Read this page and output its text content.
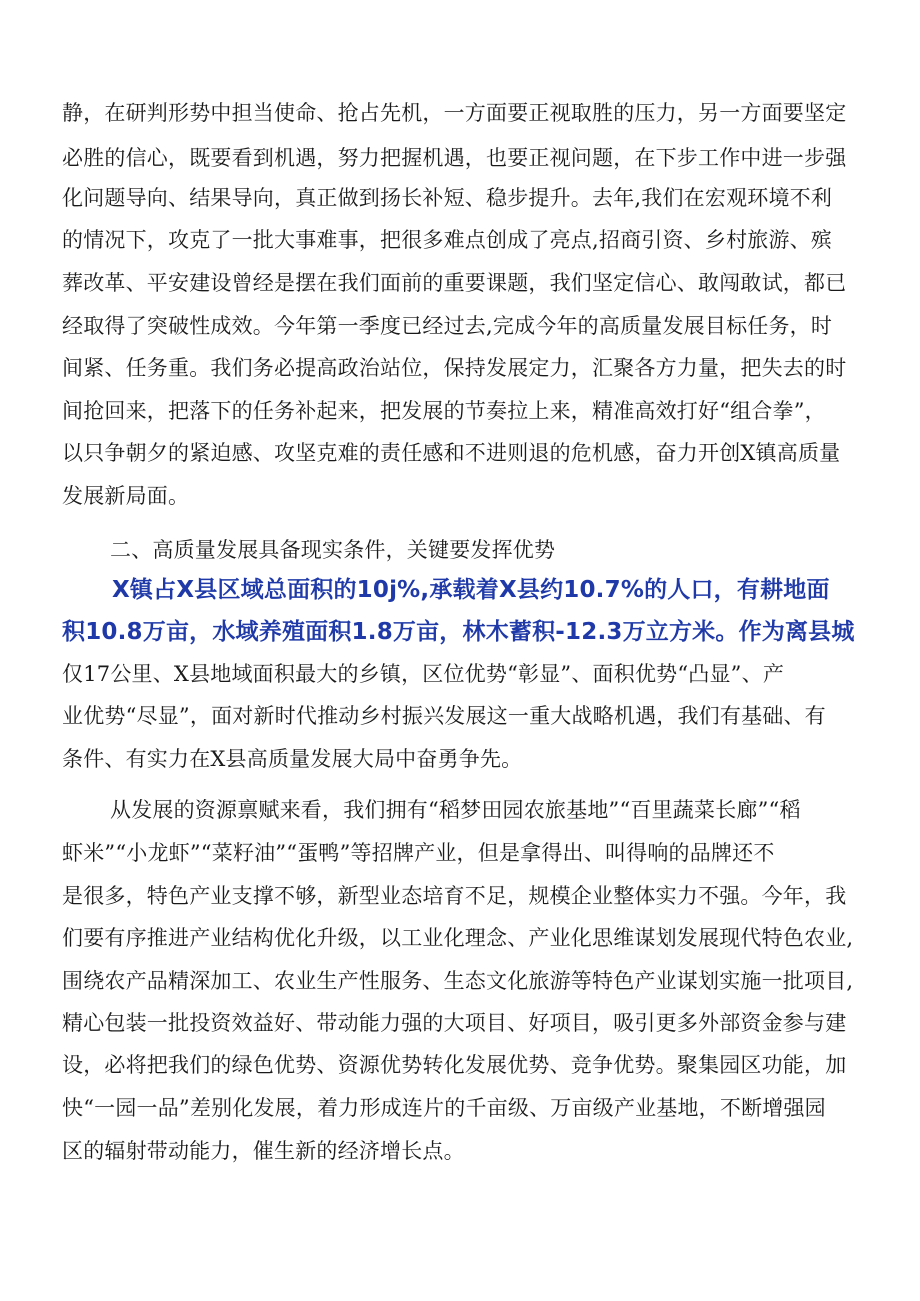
静，在研判形势中担当使命、抢占先机，一方面要正视取胜的压力，另一方面要坚定
必胜的信心，既要看到机遇，努力把握机遇，也要正视问题，在下步工作中进一步强
化问题导向、结果导向，真正做到扬长补短、稳步提升。去年,我们在宏观环境不利
的情况下，攻克了一批大事难事，把很多难点创成了亮点,招商引资、乡村旅游、殡
葬改革、平安建设曾经是摆在我们面前的重要课题，我们坚定信心、敢闯敢试，都已
经取得了突破性成效。今年第一季度已经过去,完成今年的高质量发展目标任务，时
间紧、任务重。我们务必提高政治站位，保持发展定力，汇聚各方力量，把失去的时
间抢回来，把落下的任务补起来，把发展的节奏拉上来，精准高效打好“组合拳”，
以只争朝夕的紧迫感、攻坚克难的责任感和不进则退的危机感，奋力开创X镇高质量
发展新局面。
二、高质量发展具备现实条件，关键要发挥优势
X镇占X县区域总面积的10j%,承载着X县约10.7%的人口，有耕地面
积10.8万亩，水域养殖面积1.8万亩，林木蓄积-12.3万立方米。作为离县城
仅17公里、X县地域面积最大的乡镇，区位优势“彰显”、面积优势“凸显”、产
业优势“尽显”，面对新时代推动乡村振兴发展这一重大战略机遇，我们有基础、有
条件、有实力在X县高质量发展大局中奋勇争先。
从发展的资源禀赋来看，我们拥有“稻梦田园农旅基地”“百里蔬菜长廊”“稻
虾米”“小龙虾”“菜籽油”“蛋鸭”等招牌产业，但是拿得出、叫得响的品牌还不
是很多，特色产业支撑不够，新型业态培育不足，规模企业整体实力不强。今年，我
们要有序推进产业结构优化升级，以工业化理念、产业化思维谋划发展现代特色农业,
围绕农产品精深加工、农业生产性服务、生态文化旅游等特色产业谋划实施一批项目,
精心包装一批投资效益好、带动能力强的大项目、好项目，吸引更多外部资金参与建
设，必将把我们的绿色优势、资源优势转化发展优势、竞争优势。聚集园区功能，加
快“一园一品”差别化发展，着力形成连片的千亩级、万亩级产业基地，不断增强园
区的辐射带动能力，催生新的经济增长点。
